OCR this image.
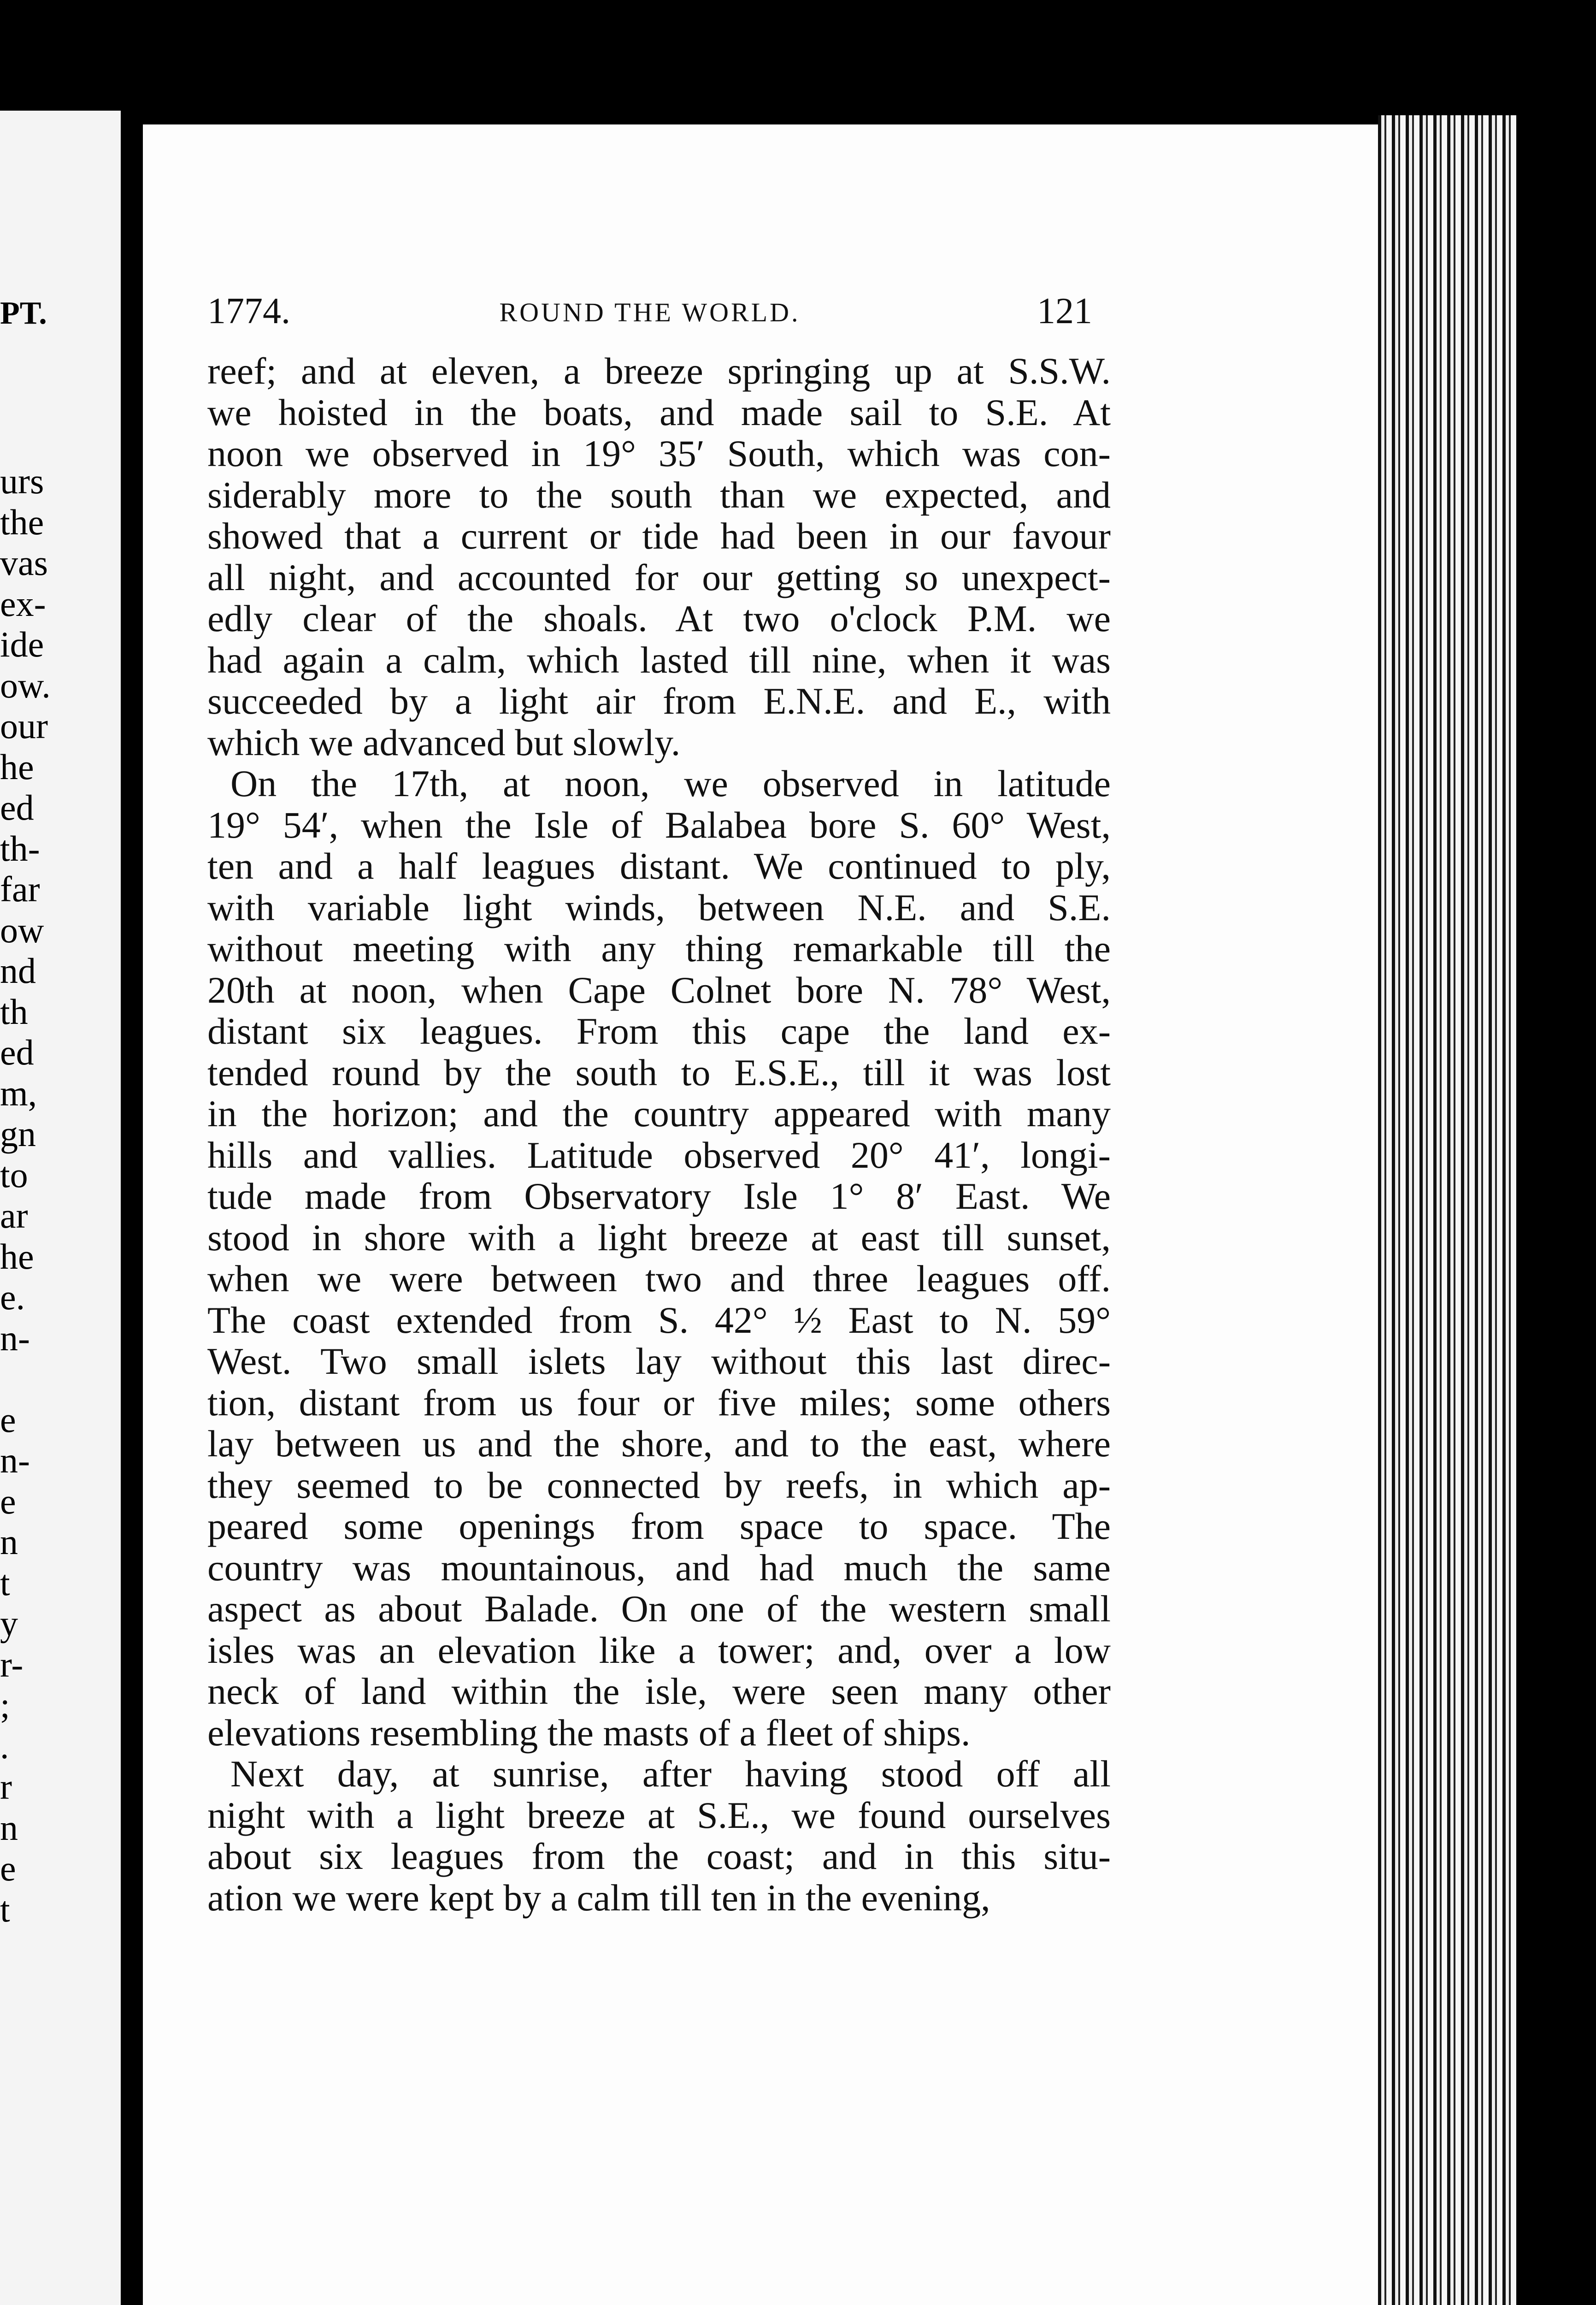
PT.
urs
the
vas
ex-
ide
ow.
our
he
ed
th-
far
ow
nd
th
ed
m,
gn
to
ar
he
e.
n-
e
n-
e
n
t
y
r-
;
.
r
n
e
t
1774.	ROUND THE WORLD.	121

reef; and at eleven, a breeze springing up at S.S.W.
we hoisted in the boats, and made sail to S.E. At
noon we observed in 19° 35′ South, which was con-
siderably more to the south than we expected, and
showed that a current or tide had been in our favour
all night, and accounted for our getting so unexpect-
edly clear of the shoals. At two o'clock P.M. we
had again a calm, which lasted till nine, when it was
succeeded by a light air from E.N.E. and E., with
which we advanced but slowly.

On the 17th, at noon, we observed in latitude
19° 54′, when the Isle of Balabea bore S. 60° West,
ten and a half leagues distant. We continued to ply,
with variable light winds, between N.E. and S.E.
without meeting with any thing remarkable till the
20th at noon, when Cape Colnet bore N. 78° West,
distant six leagues. From this cape the land ex-
tended round by the south to E.S.E., till it was lost
in the horizon; and the country appeared with many
hills and vallies. Latitude observed 20° 41′, longi-
tude made from Observatory Isle 1° 8′ East. We
stood in shore with a light breeze at east till sunset,
when we were between two and three leagues off.
The coast extended from S. 42° ½ East to N. 59°
West. Two small islets lay without this last direc-
tion, distant from us four or five miles; some others
lay between us and the shore, and to the east, where
they seemed to be connected by reefs, in which ap-
peared some openings from space to space. The
country was mountainous, and had much the same
aspect as about Balade. On one of the western small
isles was an elevation like a tower; and, over a low
neck of land within the isle, were seen many other
elevations resembling the masts of a fleet of ships.

Next day, at sunrise, after having stood off all
night with a light breeze at S.E., we found ourselves
about six leagues from the coast; and in this situ-
ation we were kept by a calm till ten in the evening,
